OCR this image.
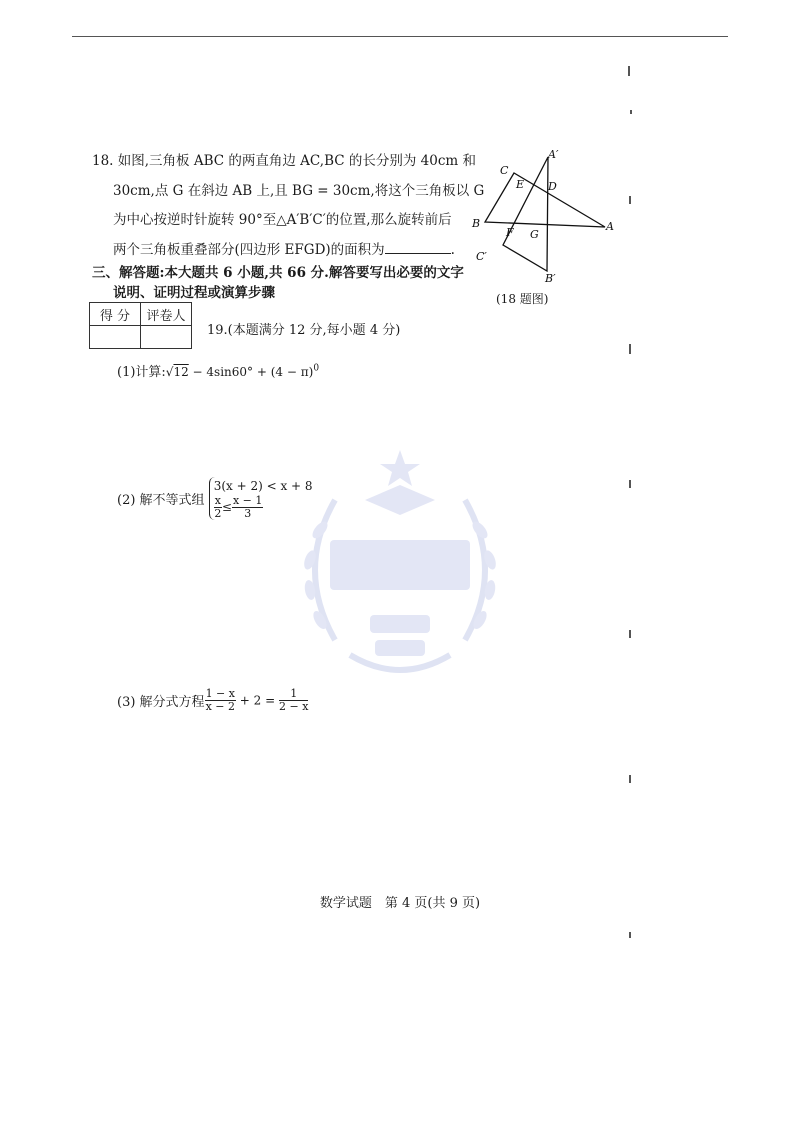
18. 如图,三角板 ABC 的两直角边 AC,BC 的长分别为 40cm 和
30cm,点 G 在斜边 AB 上,且 BG = 30cm,将这个三角板以 G
为中心按逆时针旋转 90°至△A′B′C′的位置,那么旋转前后
两个三角板重叠部分(四边形 EFGD)的面积为	.
A′
C
E D
B
F G
A
C′
B′
(18 题图)
三、解答题:本大题共 6 小题,共 66 分.解答要写出必要的文字
说明、证明过程或演算步骤
得 分	评卷人

19.(本题满分 12 分,每小题 4 分)
(1)计算:√12 − $4\sin 60^\circ + (4 - \pi)^0$
(2) 解不等式组
3(x + 2) < x + 8
$\frac{x}{2} \le \frac{x - 1}{3}$
(3) 解分式方程 $\frac{1 - x}{x - 2} + 2 = \frac{1}{2 - x}$
数学试题　第 4 页(共 9 页)
